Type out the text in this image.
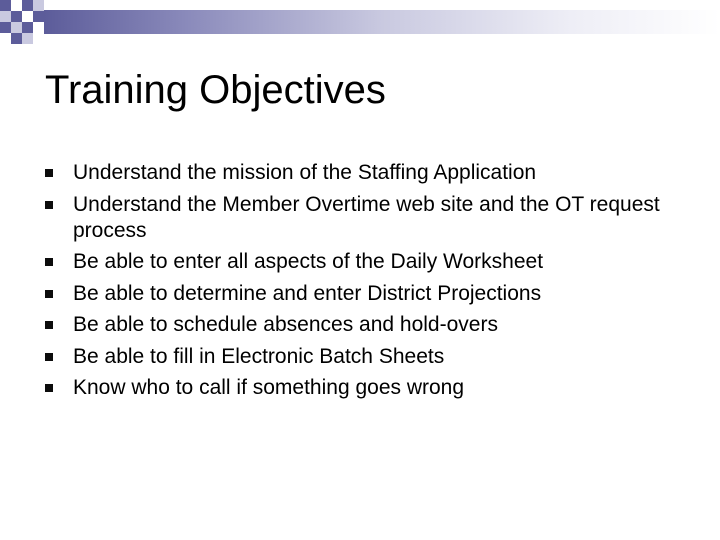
Training Objectives
Understand the mission of the Staffing Application
Understand the Member Overtime web site and the OT request process
Be able to enter all aspects of the Daily Worksheet
Be able to determine and enter District Projections
Be able to schedule absences and hold-overs
Be able to fill in Electronic Batch Sheets
Know who to call if something goes wrong
